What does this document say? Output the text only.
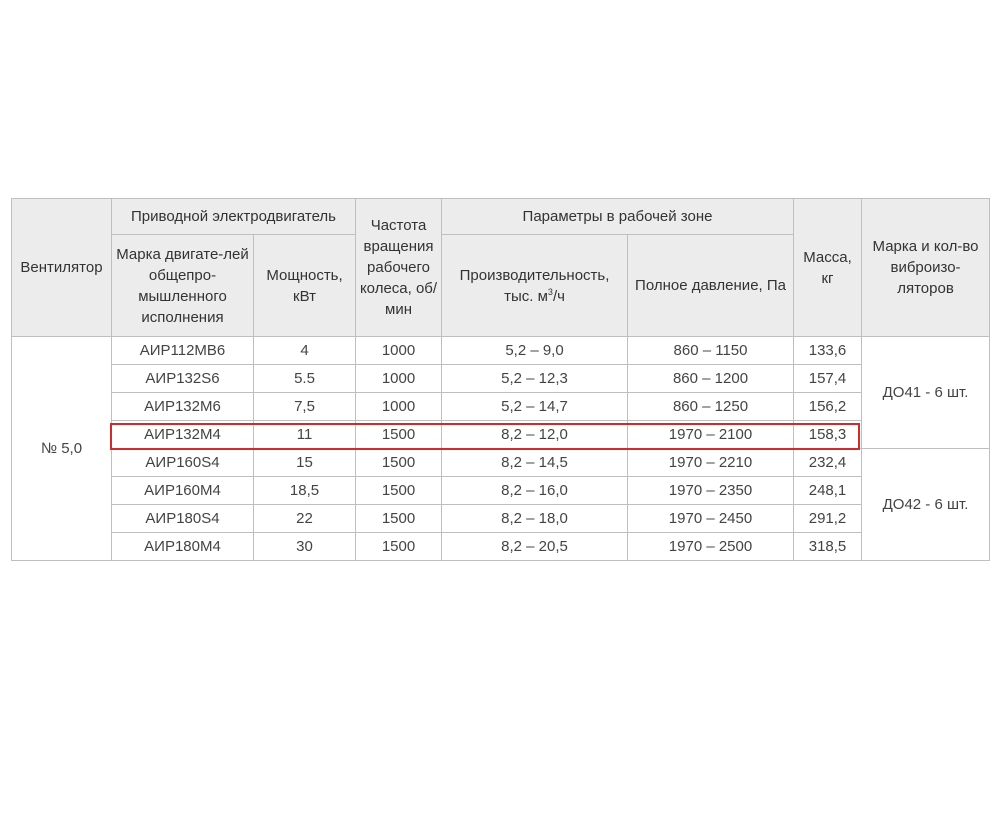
Вентилятор	Приводной электродвигатель		Частота вращения рабочего колеса, об/мин	Параметры в рабочей зоне		Масса, кг	Марка и кол-во виброизо-ляторов
	Марка двигате-лей общепро-мышленного исполнения	Мощность, кВт		Производительность, тыс. $м^3/ч$	Полное давление, Па		
№ 5,0	АИР112МВ6	4	1000	5,2 – 9,0	860 – 1150	133,6	ДО41 - 6 шт.
	АИР132S6	5.5	1000	5,2 – 12,3	860 – 1200	157,4	
	АИР132М6	7,5	1000	5,2 – 14,7	860 – 1250	156,2	
	АИР132М4	11	1500	8,2 – 12,0	1970 – 2100	158,3	
	АИР160S4	15	1500	8,2 – 14,5	1970 – 2210	232,4	ДО42 - 6 шт.
	АИР160М4	18,5	1500	8,2 – 16,0	1970 – 2350	248,1	
	АИР180S4	22	1500	8,2 – 18,0	1970 – 2450	291,2	
	АИР180М4	30	1500	8,2 – 20,5	1970 – 2500	318,5	
